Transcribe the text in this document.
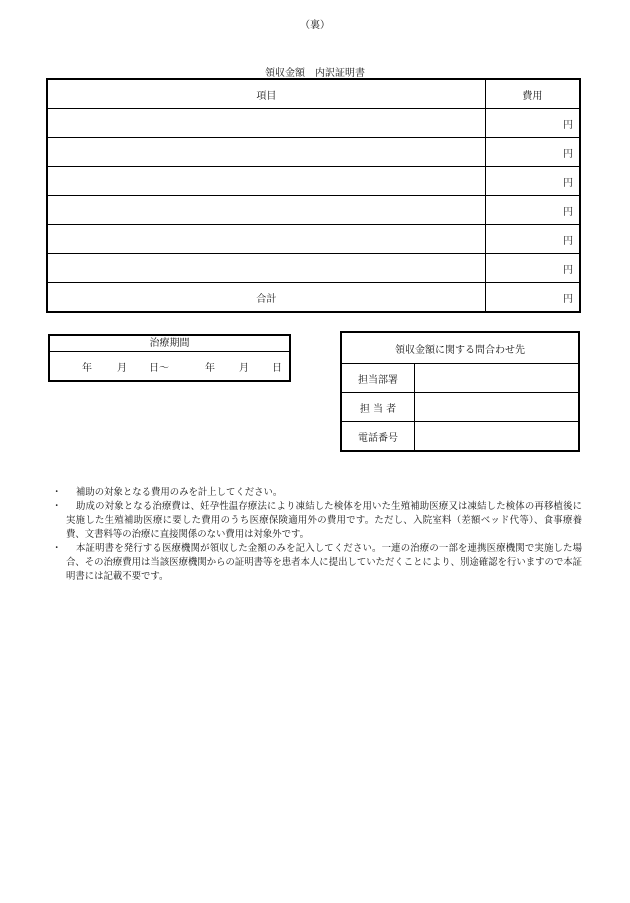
（裏）
領収金額　内訳証明書
項目	費用
	円
	円
	円
	円
	円
	円
合計	円
治療期間
年	月 日〜	年 月 日
領収金額に関する問合わせ先	
担当部署	
担 当 者	
電話番号	

・	補助の対象となる費用のみを計上してください。

・	助成の対象となる治療費は、妊孕性温存療法により凍結した検体を用いた生殖補助医療又は凍結した検体の再移植後に実施した生殖補助医療に要した費用のうち医療保険適用外の費用です。ただし、入院室料（差額ベッド代等）、食事療養費、文書料等の治療に直接関係のない費用は対象外です。

・	本証明書を発行する医療機関が領収した金額のみを記入してください。一連の治療の一部を連携医療機関で実施した場合、その治療費用は当該医療機関からの証明書等を患者本人に提出していただくことにより、別途確認を行いますので本証明書には記載不要です。
